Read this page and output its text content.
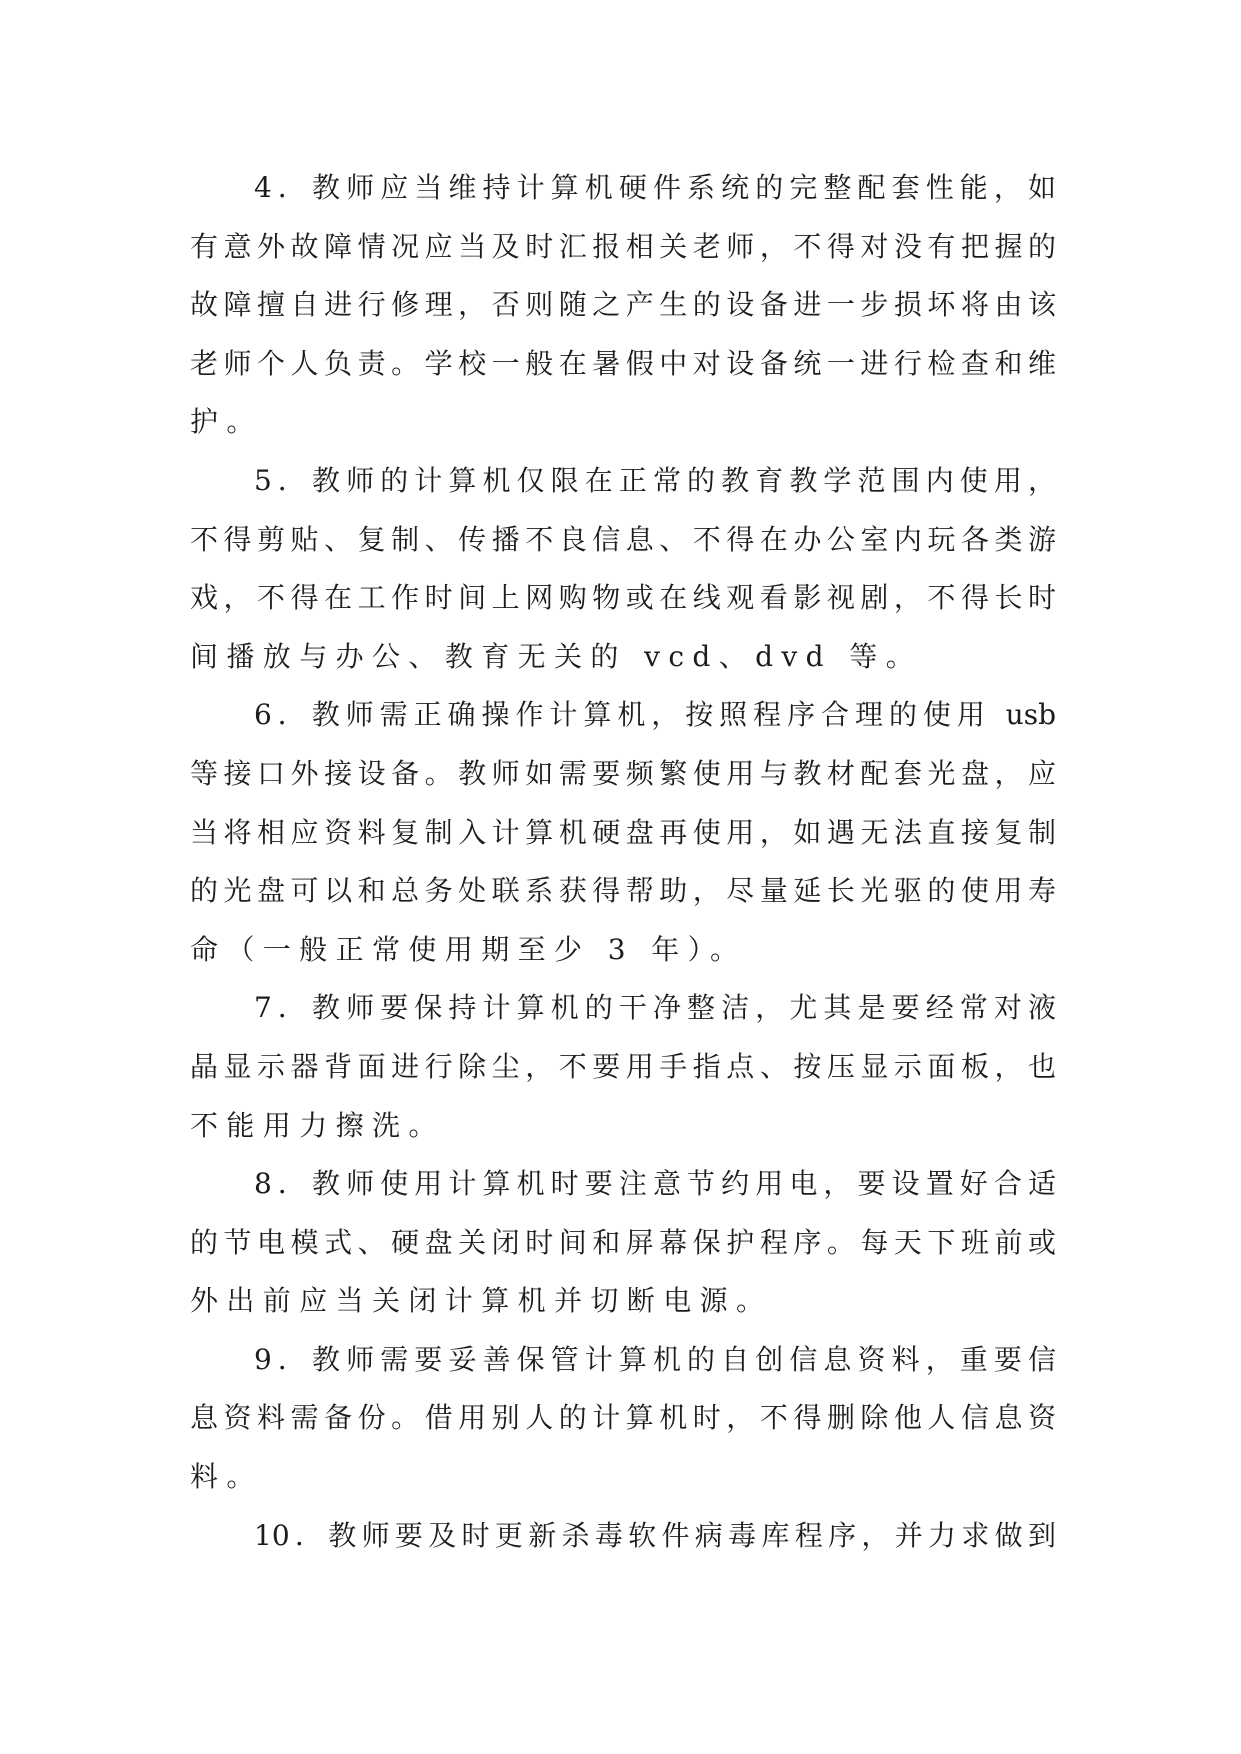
4．教师应当维持计算机硬件系统的完整配套性能，如
有意外故障情况应当及时汇报相关老师，不得对没有把握的
故障擅自进行修理，否则随之产生的设备进一步损坏将由该
老师个人负责。学校一般在暑假中对设备统一进行检查和维
护。
5．教师的计算机仅限在正常的教育教学范围内使用，
不得剪贴、复制、传播不良信息、不得在办公室内玩各类游
戏，不得在工作时间上网购物或在线观看影视剧，不得长时
间播放与办公、教育无关的 vcd、dvd 等。
6．教师需正确操作计算机，按照程序合理的使用 usb
等接口外接设备。教师如需要频繁使用与教材配套光盘，应
当将相应资料复制入计算机硬盘再使用，如遇无法直接复制
的光盘可以和总务处联系获得帮助，尽量延长光驱的使用寿
命（一般正常使用期至少 3 年）。
7．教师要保持计算机的干净整洁，尤其是要经常对液
晶显示器背面进行除尘，不要用手指点、按压显示面板，也
不能用力擦洗。
8．教师使用计算机时要注意节约用电，要设置好合适
的节电模式、硬盘关闭时间和屏幕保护程序。每天下班前或
外出前应当关闭计算机并切断电源。
9．教师需要妥善保管计算机的自创信息资料，重要信
息资料需备份。借用别人的计算机时，不得删除他人信息资
料。
10．教师要及时更新杀毒软件病毒库程序，并力求做到
